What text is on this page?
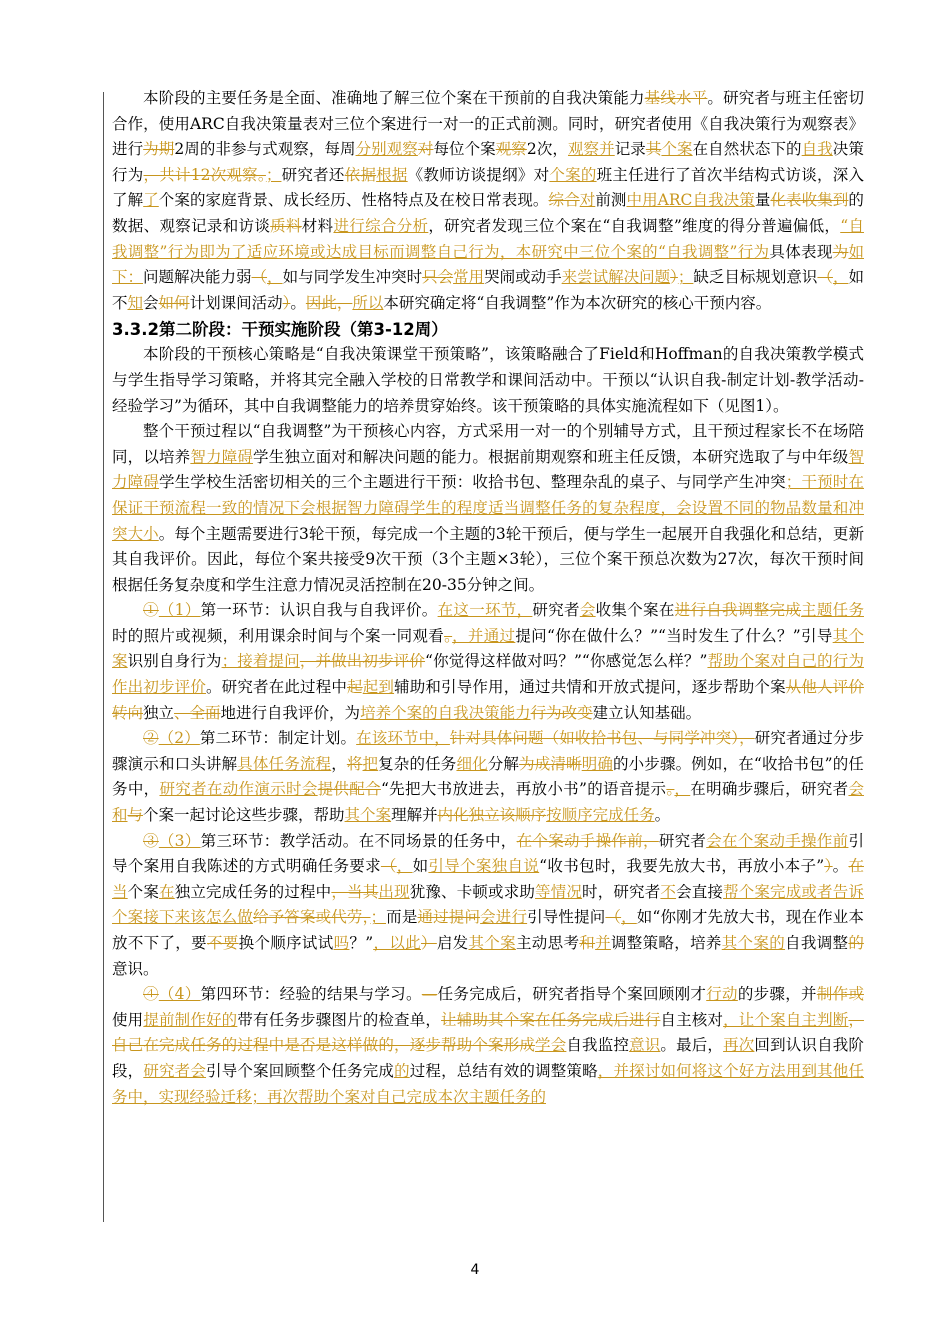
本阶段的主要任务是全面、准确地了解三位个案在干预前的自我决策能力基线水平。研究者与班主任密切合作，使用ARC自我决策量表对三位个案进行一对一的正式前测。同时，研究者使用《自我决策行为观察表》进行为期2周的非参与式观察，每周分别观察对每位个案观察2次，观察并记录其个案在自然状态下的自我决策行为，共计12次观察。；研究者还依据根据《教师访谈提纲》对个案的班主任进行了首次半结构式访谈，深入了解了个案的家庭背景、成长经历、性格特点及在校日常表现。综合对前测中用ARC自我决策量化表收集到的数据、观察记录和访谈质料材料进行综合分析，研究者发现三位个案在“自我调整”维度的得分普遍偏低，“自我调整”行为即为了适应环境或达成目标而调整自己行为，本研究中三位个案的“自我调整”行为具体表现为如下：问题解决能力弱（，如与同学发生冲突时只会常用哭闹或动手来尝试解决问题）；缺乏目标规划意识（，如不知会如何计划课间活动）。因此，所以本研究确定将“自我调整”作为本次研究的核心干预内容。

3.3.2第二阶段：干预实施阶段（第3-12周）

本阶段的干预核心策略是“自我决策课堂干预策略”，该策略融合了Field和Hoffman的自我决策教学模式与学生指导学习策略，并将其完全融入学校的日常教学和课间活动中。干预以“认识自我-制定计划-教学活动-经验学习”为循环，其中自我调整能力的培养贯穿始终。该干预策略的具体实施流程如下（见图1）。

整个干预过程以“自我调整”为干预核心内容，方式采用一对一的个别辅导方式，且干预过程家长不在场陪同，以培养智力障碍学生独立面对和解决问题的能力。根据前期观察和班主任反馈，本研究选取了与中年级智力障碍学生学校生活密切相关的三个主题进行干预：收拾书包、整理杂乱的桌子、与同学产生冲突；干预时在保证干预流程一致的情况下会根据智力障碍学生的程度适当调整任务的复杂程度，会设置不同的物品数量和冲突大小。每个主题需要进行3轮干预，每完成一个主题的3轮干预后，便与学生一起展开自我强化和总结，更新其自我评价。因此，每位个案共接受9次干预（3个主题×3轮），三位个案干预总次数为27次，每次干预时间根据任务复杂度和学生注意力情况灵活控制在20-35分钟之间。

①（1）第一环节：认识自我与自我评价。在这一环节，研究者会收集个案在进行自我调整完成主题任务时的照片或视频，利用课余时间与个案一同观看。，并通过提问“你在做什么？”“当时发生了什么？”引导其个案识别自身行为；接着提问，并做出初步评价“你觉得这样做对吗？”“你感觉怎么样？”帮助个案对自己的行为作出初步评价。研究者在此过程中起起到辅助和引导作用，通过共情和开放式提问，逐步帮助个案从他人评价转向独立、全面地进行自我评价，为培养个案的自我决策能力行为改变建立认知基础。

②（2）第二环节：制定计划。在该环节中，针对具体问题（如收拾书包、与同学冲突），研究者通过分步骤演示和口头讲解具体任务流程，将把复杂的任务细化分解为成清晰明确的小步骤。例如，在“收拾书包”的任务中，研究者在动作演示时会提供配合“先把大书放进去，再放小书”的语音提示。，在明确步骤后，研究者会和与个案一起讨论这些步骤，帮助其个案理解并内化独立该顺序按顺序完成任务。

③（3）第三环节：教学活动。在不同场景的任务中，在个案动手操作前，研究者会在个案动手操作前引导个案用自我陈述的方式明确任务要求（，如引导个案独自说“收书包时，我要先放大书，再放小本子”）。在当个案在独立完成任务的过程中，当其出现犹豫、卡顿或求助等情况时，研究者不会直接帮个案完成或者告诉个案接下来该怎么做给予答案或代劳，；而是通过提问会进行引导性提问（，如“你刚才先放大书，现在作业本放不下了，要不要换个顺序试试吗？”，以此）启发其个案主动思考和并调整策略，培养其个案的自我调整的意识。

④（4）第四环节：经验的结果与学习。—任务完成后，研究者指导个案回顾刚才行动的步骤，并制作或使用提前制作好的带有任务步骤图片的检查单，让辅助其个案在任务完成后进行自主核对，让个案自主判断，自己在完成任务的过程中是否是这样做的，逐步帮助个案形成学会自我监控意识。最后，再次回到认识自我阶段，研究者会引导个案回顾整个任务完成的过程，总结有效的调整策略，并探讨如何将这个好方法用到其他任务中，实现经验迁移；再次帮助个案对自己完成本次主题任务的

4
